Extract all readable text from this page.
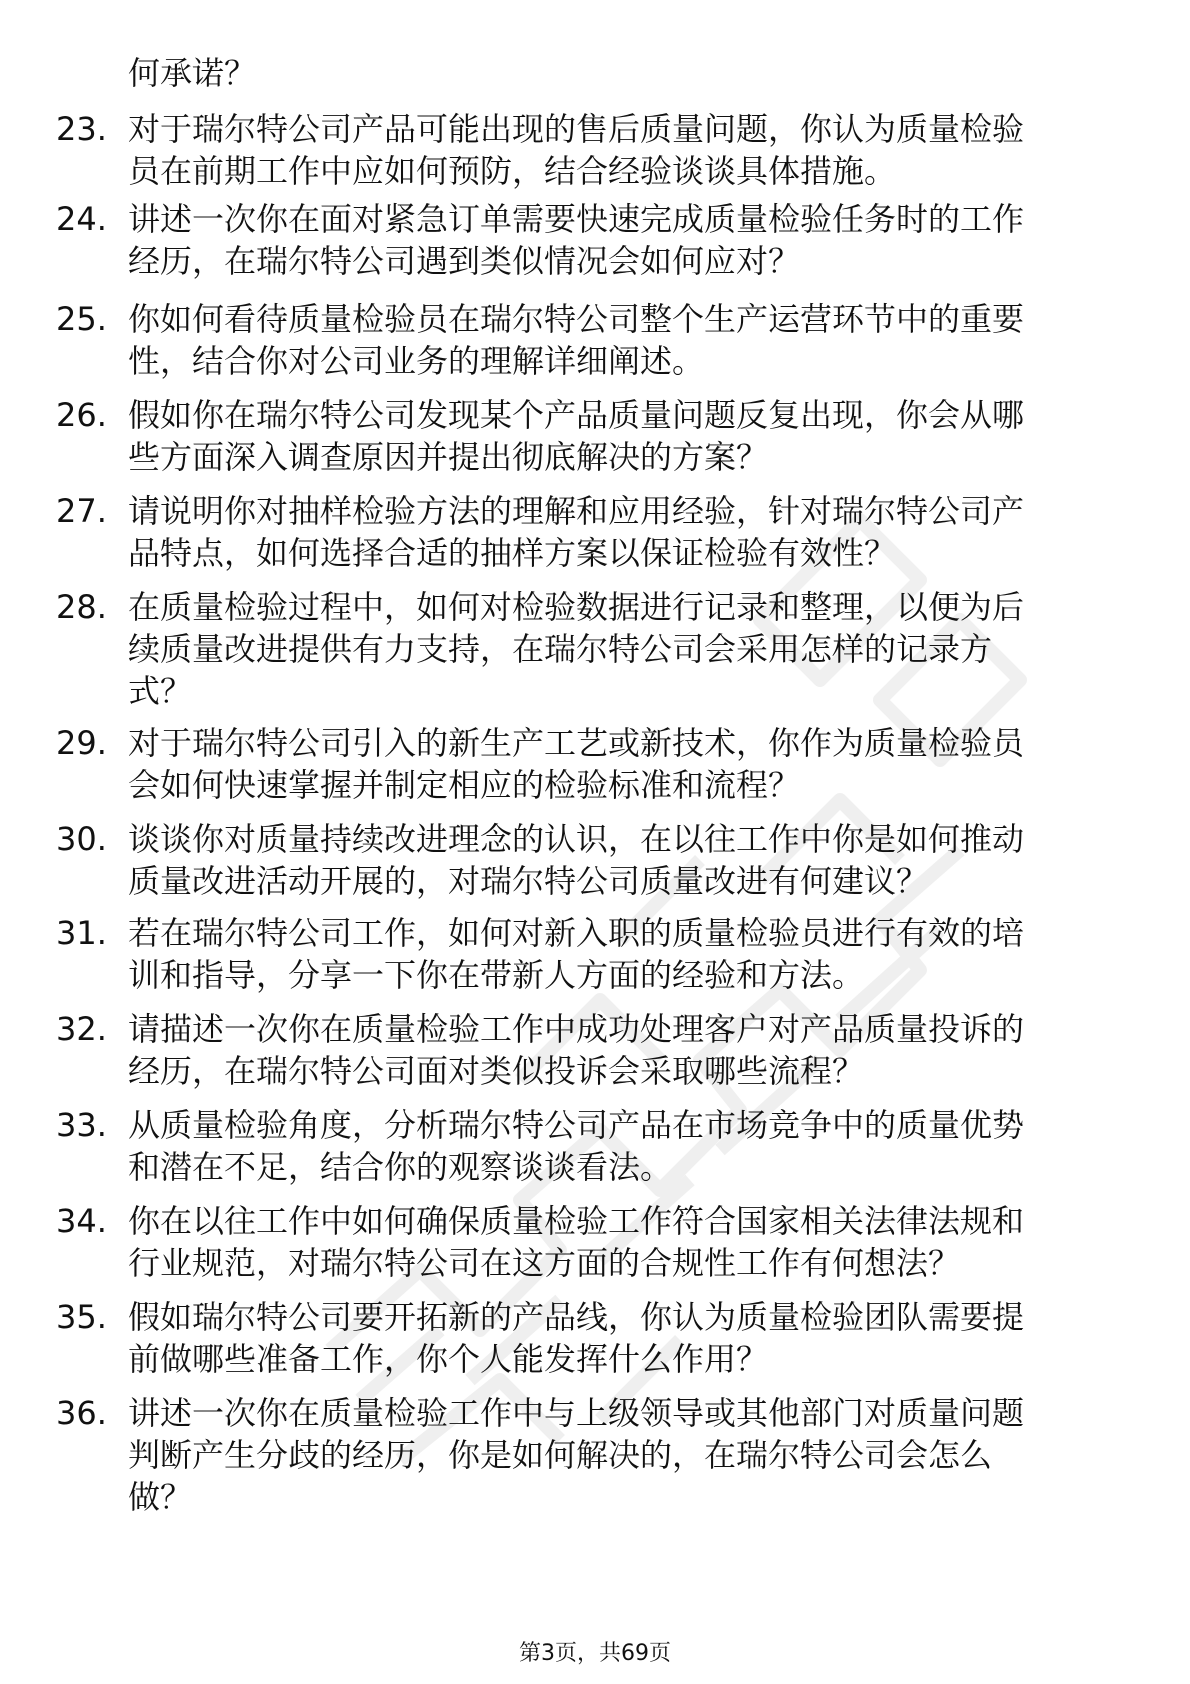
何承诺？
23. 对于瑞尔特公司产品可能出现的售后质量问题，你认为质量检验
员在前期工作中应如何预防，结合经验谈谈具体措施。
24. 讲述一次你在面对紧急订单需要快速完成质量检验任务时的工作
经历，在瑞尔特公司遇到类似情况会如何应对？
25. 你如何看待质量检验员在瑞尔特公司整个生产运营环节中的重要
性，结合你对公司业务的理解详细阐述。
26. 假如你在瑞尔特公司发现某个产品质量问题反复出现，你会从哪
些方面深入调查原因并提出彻底解决的方案？
27. 请说明你对抽样检验方法的理解和应用经验，针对瑞尔特公司产
品特点，如何选择合适的抽样方案以保证检验有效性？
28. 在质量检验过程中，如何对检验数据进行记录和整理，以便为后
续质量改进提供有力支持，在瑞尔特公司会采用怎样的记录方
式？
29. 对于瑞尔特公司引入的新生产工艺或新技术，你作为质量检验员
会如何快速掌握并制定相应的检验标准和流程？
30. 谈谈你对质量持续改进理念的认识，在以往工作中你是如何推动
质量改进活动开展的，对瑞尔特公司质量改进有何建议？
31. 若在瑞尔特公司工作，如何对新入职的质量检验员进行有效的培
训和指导，分享一下你在带新人方面的经验和方法。
32. 请描述一次你在质量检验工作中成功处理客户对产品质量投诉的
经历，在瑞尔特公司面对类似投诉会采取哪些流程？
33. 从质量检验角度，分析瑞尔特公司产品在市场竞争中的质量优势
和潜在不足，结合你的观察谈谈看法。
34. 你在以往工作中如何确保质量检验工作符合国家相关法律法规和
行业规范，对瑞尔特公司在这方面的合规性工作有何想法？
35. 假如瑞尔特公司要开拓新的产品线，你认为质量检验团队需要提
前做哪些准备工作，你个人能发挥什么作用？
36. 讲述一次你在质量检验工作中与上级领导或其他部门对质量问题
判断产生分歧的经历，你是如何解决的，在瑞尔特公司会怎么
做？
第3页，共69页
